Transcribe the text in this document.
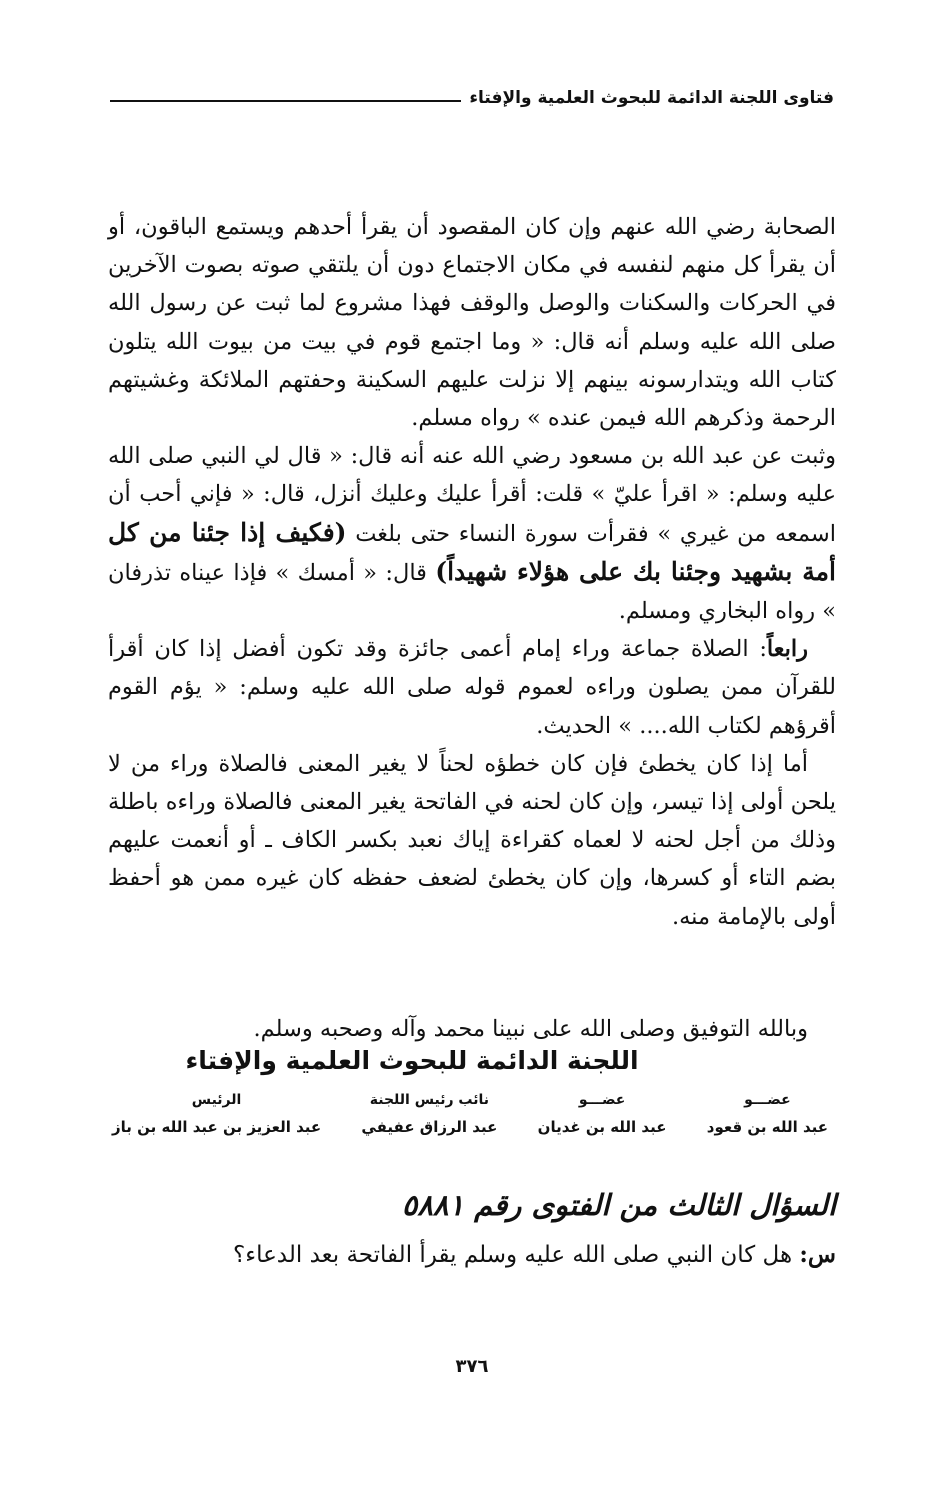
فتاوى اللجنة الدائمة للبحوث العلمية والإفتاء

الصحابة رضي الله عنهم وإن كان المقصود أن يقرأ أحدهم ويستمع الباقون، أو أن يقرأ كل منهم لنفسه في مكان الاجتماع دون أن يلتقي صوته بصوت الآخرين في الحركات والسكنات والوصل والوقف فهذا مشروع لما ثبت عن رسول الله صلى الله عليه وسلم أنه قال: « وما اجتمع قوم في بيت من بيوت الله يتلون كتاب الله ويتدارسونه بينهم إلا نزلت عليهم السكينة وحفتهم الملائكة وغشيتهم الرحمة وذكرهم الله فيمن عنده » رواه مسلم.

وثبت عن عبد الله بن مسعود رضي الله عنه أنه قال: « قال لي النبي صلى الله عليه وسلم: « اقرأ عليّ » قلت: أقرأ عليك وعليك أنزل، قال: « فإني أحب أن اسمعه من غيري » فقرأت سورة النساء حتى بلغت (فكيف إذا جئنا من كل أمة بشهيد وجئنا بك على هؤلاء شهيداً) قال: « أمسك » فإذا عيناه تذرفان » رواه البخاري ومسلم.

رابعاً: الصلاة جماعة وراء إمام أعمى جائزة وقد تكون أفضل إذا كان أقرأ للقرآن ممن يصلون وراءه لعموم قوله صلى الله عليه وسلم: « يؤم القوم أقرؤهم لكتاب الله.... » الحديث.

أما إذا كان يخطئ فإن كان خطؤه لحناً لا يغير المعنى فالصلاة وراء من لا يلحن أولى إذا تيسر، وإن كان لحنه في الفاتحة يغير المعنى فالصلاة وراءه باطلة وذلك من أجل لحنه لا لعماه كقراءة إياك نعبد بكسر الكاف ـ أو أنعمت عليهم بضم التاء أو كسرها، وإن كان يخطئ لضعف حفظه كان غيره ممن هو أحفظ أولى بالإمامة منه.

وبالله التوفيق وصلى الله على نبينا محمد وآله وصحبه وسلم.
اللجنة الدائمة للبحوث العلمية والإفتاء
عضـــو
عبد الله بن قعود
عضـــو
عبد الله بن غديان
نائب رئيس اللجنة
عبد الرزاق عفيفي
الرئيس
عبد العزيز بن عبد الله بن باز
السؤال الثالث من الفتوى رقم ٥٨٨١
س: هل كان النبي صلى الله عليه وسلم يقرأ الفاتحة بعد الدعاء؟
٣٧٦
